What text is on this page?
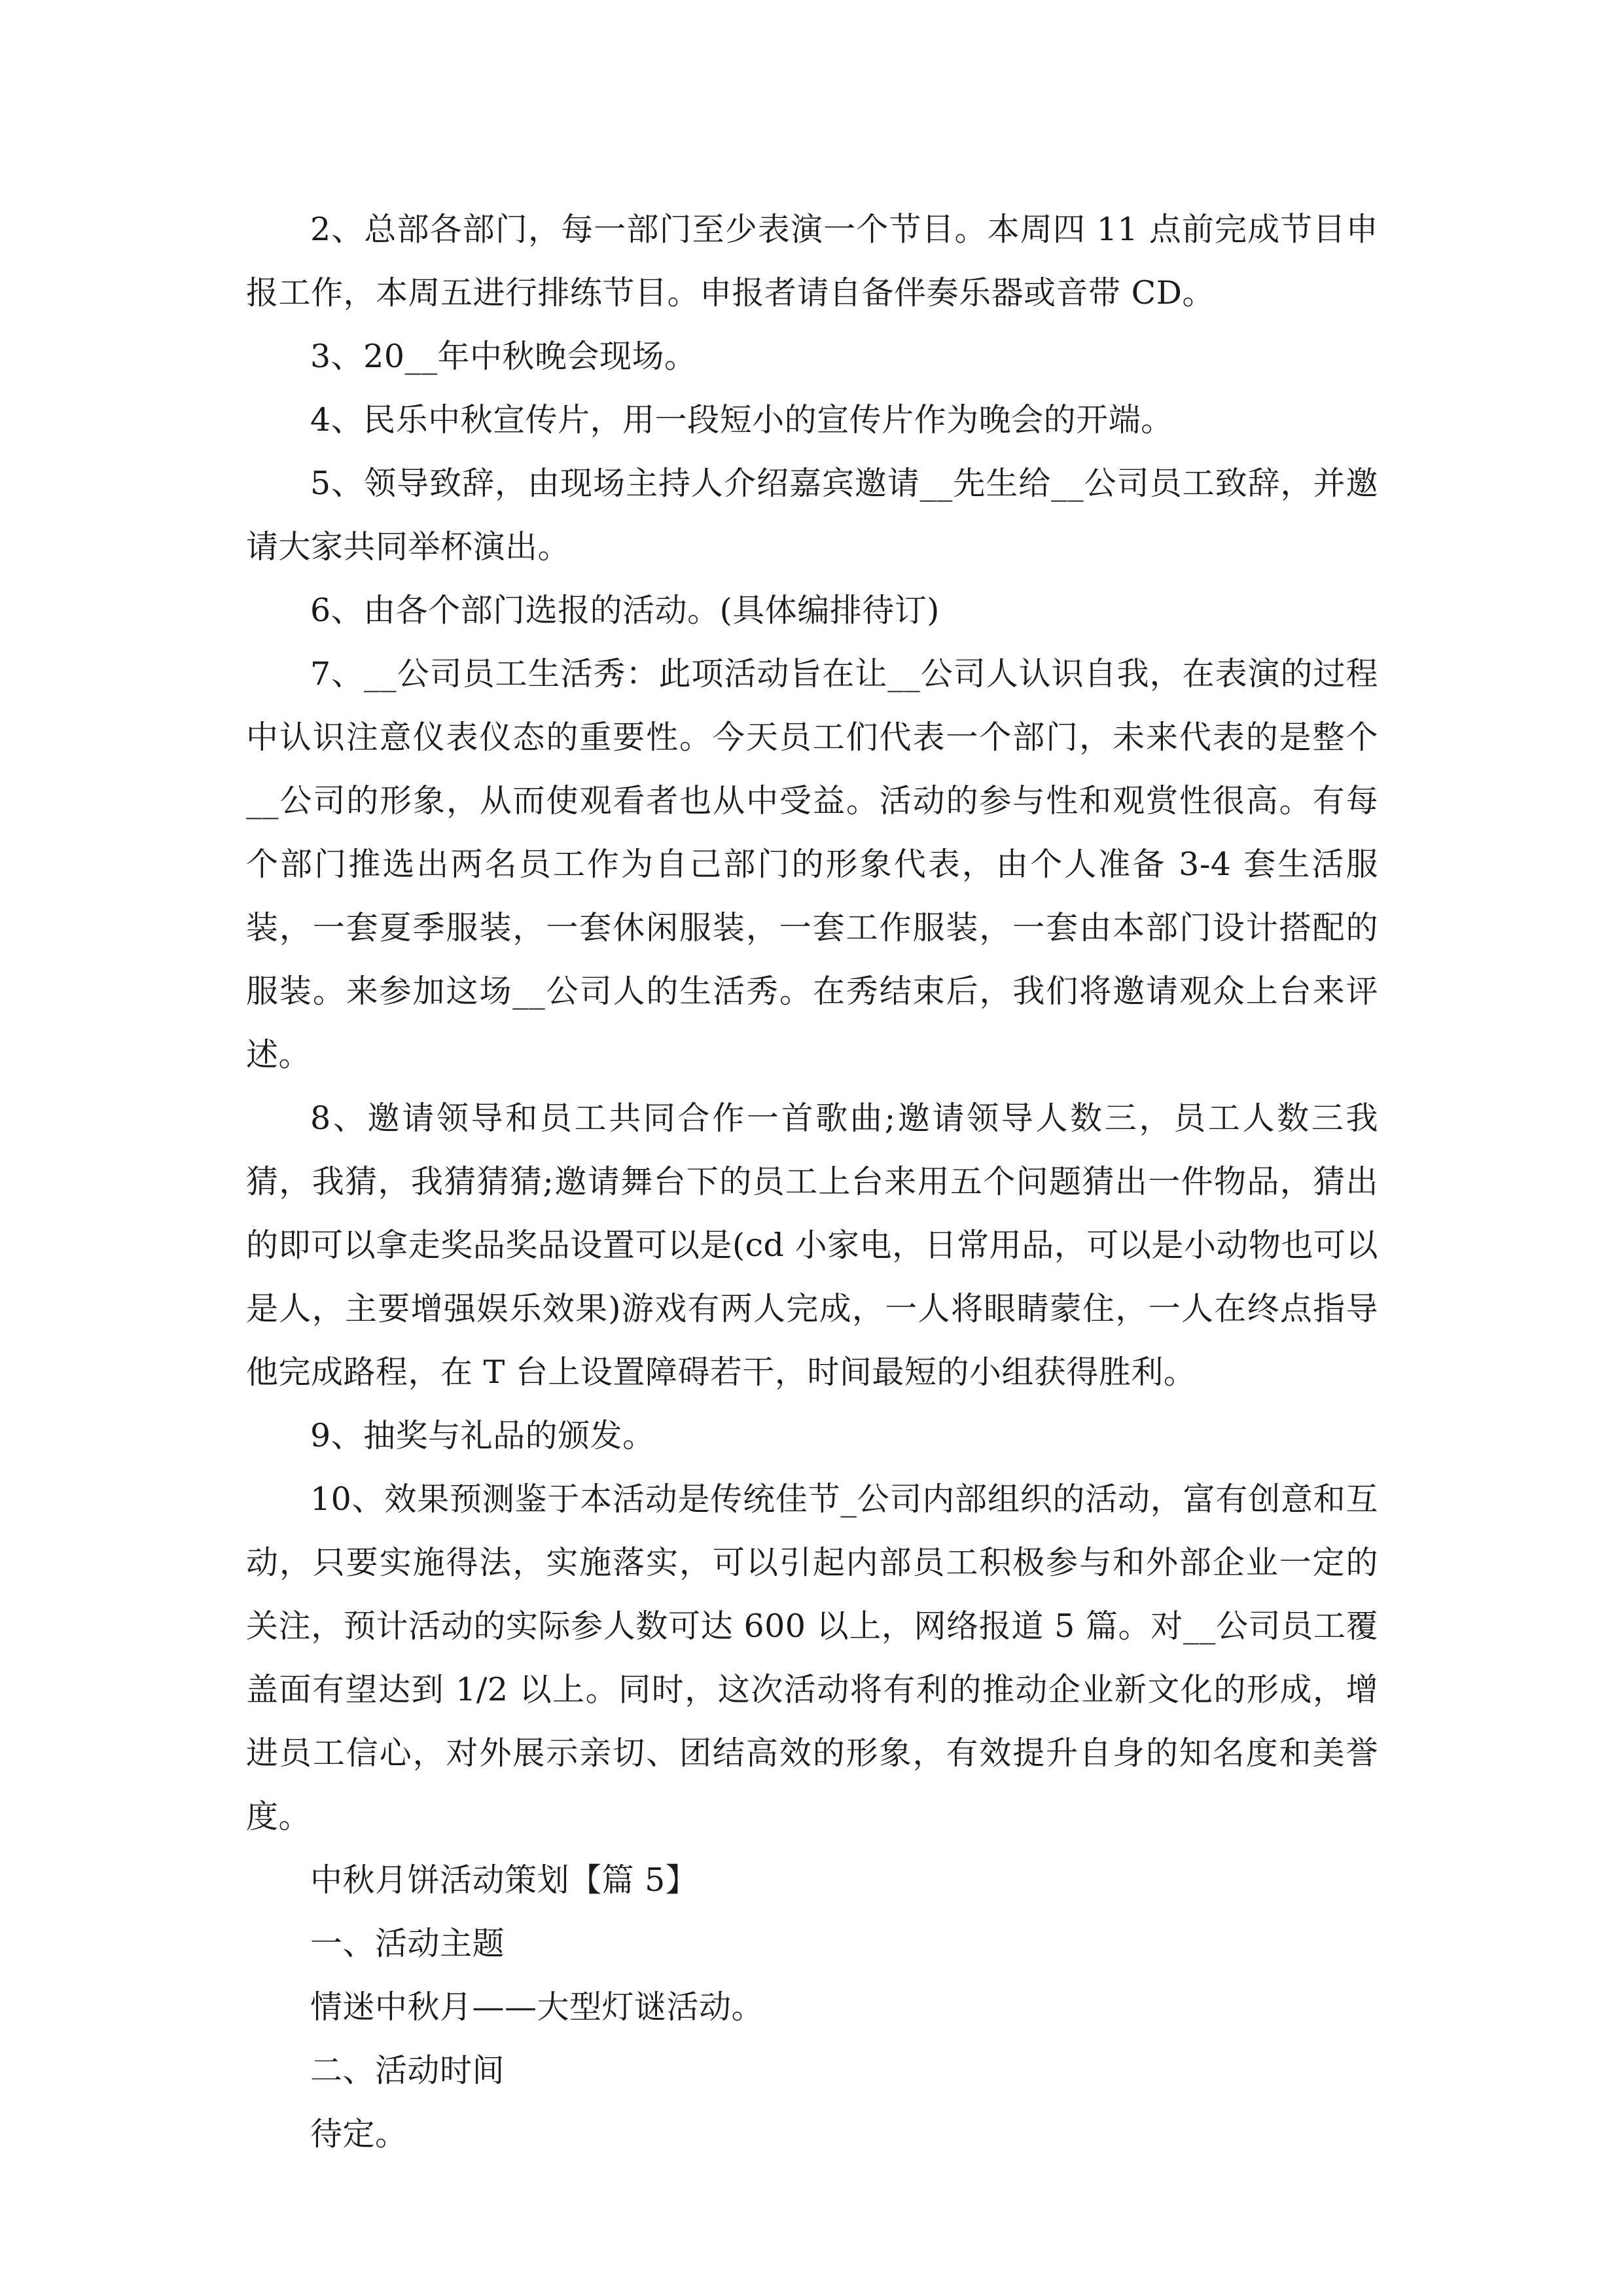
2、总部各部门，每一部门至少表演一个节目。本周四 11 点前完成节目申报工作，本周五进行排练节目。申报者请自备伴奏乐器或音带 CD。

3、20__年中秋晚会现场。

4、民乐中秋宣传片，用一段短小的宣传片作为晚会的开端。

5、领导致辞，由现场主持人介绍嘉宾邀请__先生给__公司员工致辞，并邀请大家共同举杯演出。

6、由各个部门选报的活动。(具体编排待订)

7、__公司员工生活秀：此项活动旨在让__公司人认识自我，在表演的过程中认识注意仪表仪态的重要性。今天员工们代表一个部门，未来代表的是整个__公司的形象，从而使观看者也从中受益。活动的参与性和观赏性很高。有每个部门推选出两名员工作为自己部门的形象代表，由个人准备 3-4 套生活服装，一套夏季服装，一套休闲服装，一套工作服装，一套由本部门设计搭配的服装。来参加这场__公司人的生活秀。在秀结束后，我们将邀请观众上台来评述。

8、邀请领导和员工共同合作一首歌曲;邀请领导人数三，员工人数三我猜，我猜，我猜猜猜;邀请舞台下的员工上台来用五个问题猜出一件物品，猜出的即可以拿走奖品奖品设置可以是(cd 小家电，日常用品，可以是小动物也可以是人，主要增强娱乐效果)游戏有两人完成，一人将眼睛蒙住，一人在终点指导他完成路程，在 T 台上设置障碍若干，时间最短的小组获得胜利。

9、抽奖与礼品的颁发。

10、效果预测鉴于本活动是传统佳节_公司内部组织的活动，富有创意和互动，只要实施得法，实施落实，可以引起内部员工积极参与和外部企业一定的关注，预计活动的实际参人数可达 600 以上，网络报道 5 篇。对__公司员工覆盖面有望达到 1/2 以上。同时，这次活动将有利的推动企业新文化的形成，增进员工信心，对外展示亲切、团结高效的形象，有效提升自身的知名度和美誉度。

中秋月饼活动策划【篇 5】

一、活动主题

情迷中秋月——大型灯谜活动。

二、活动时间

待定。
